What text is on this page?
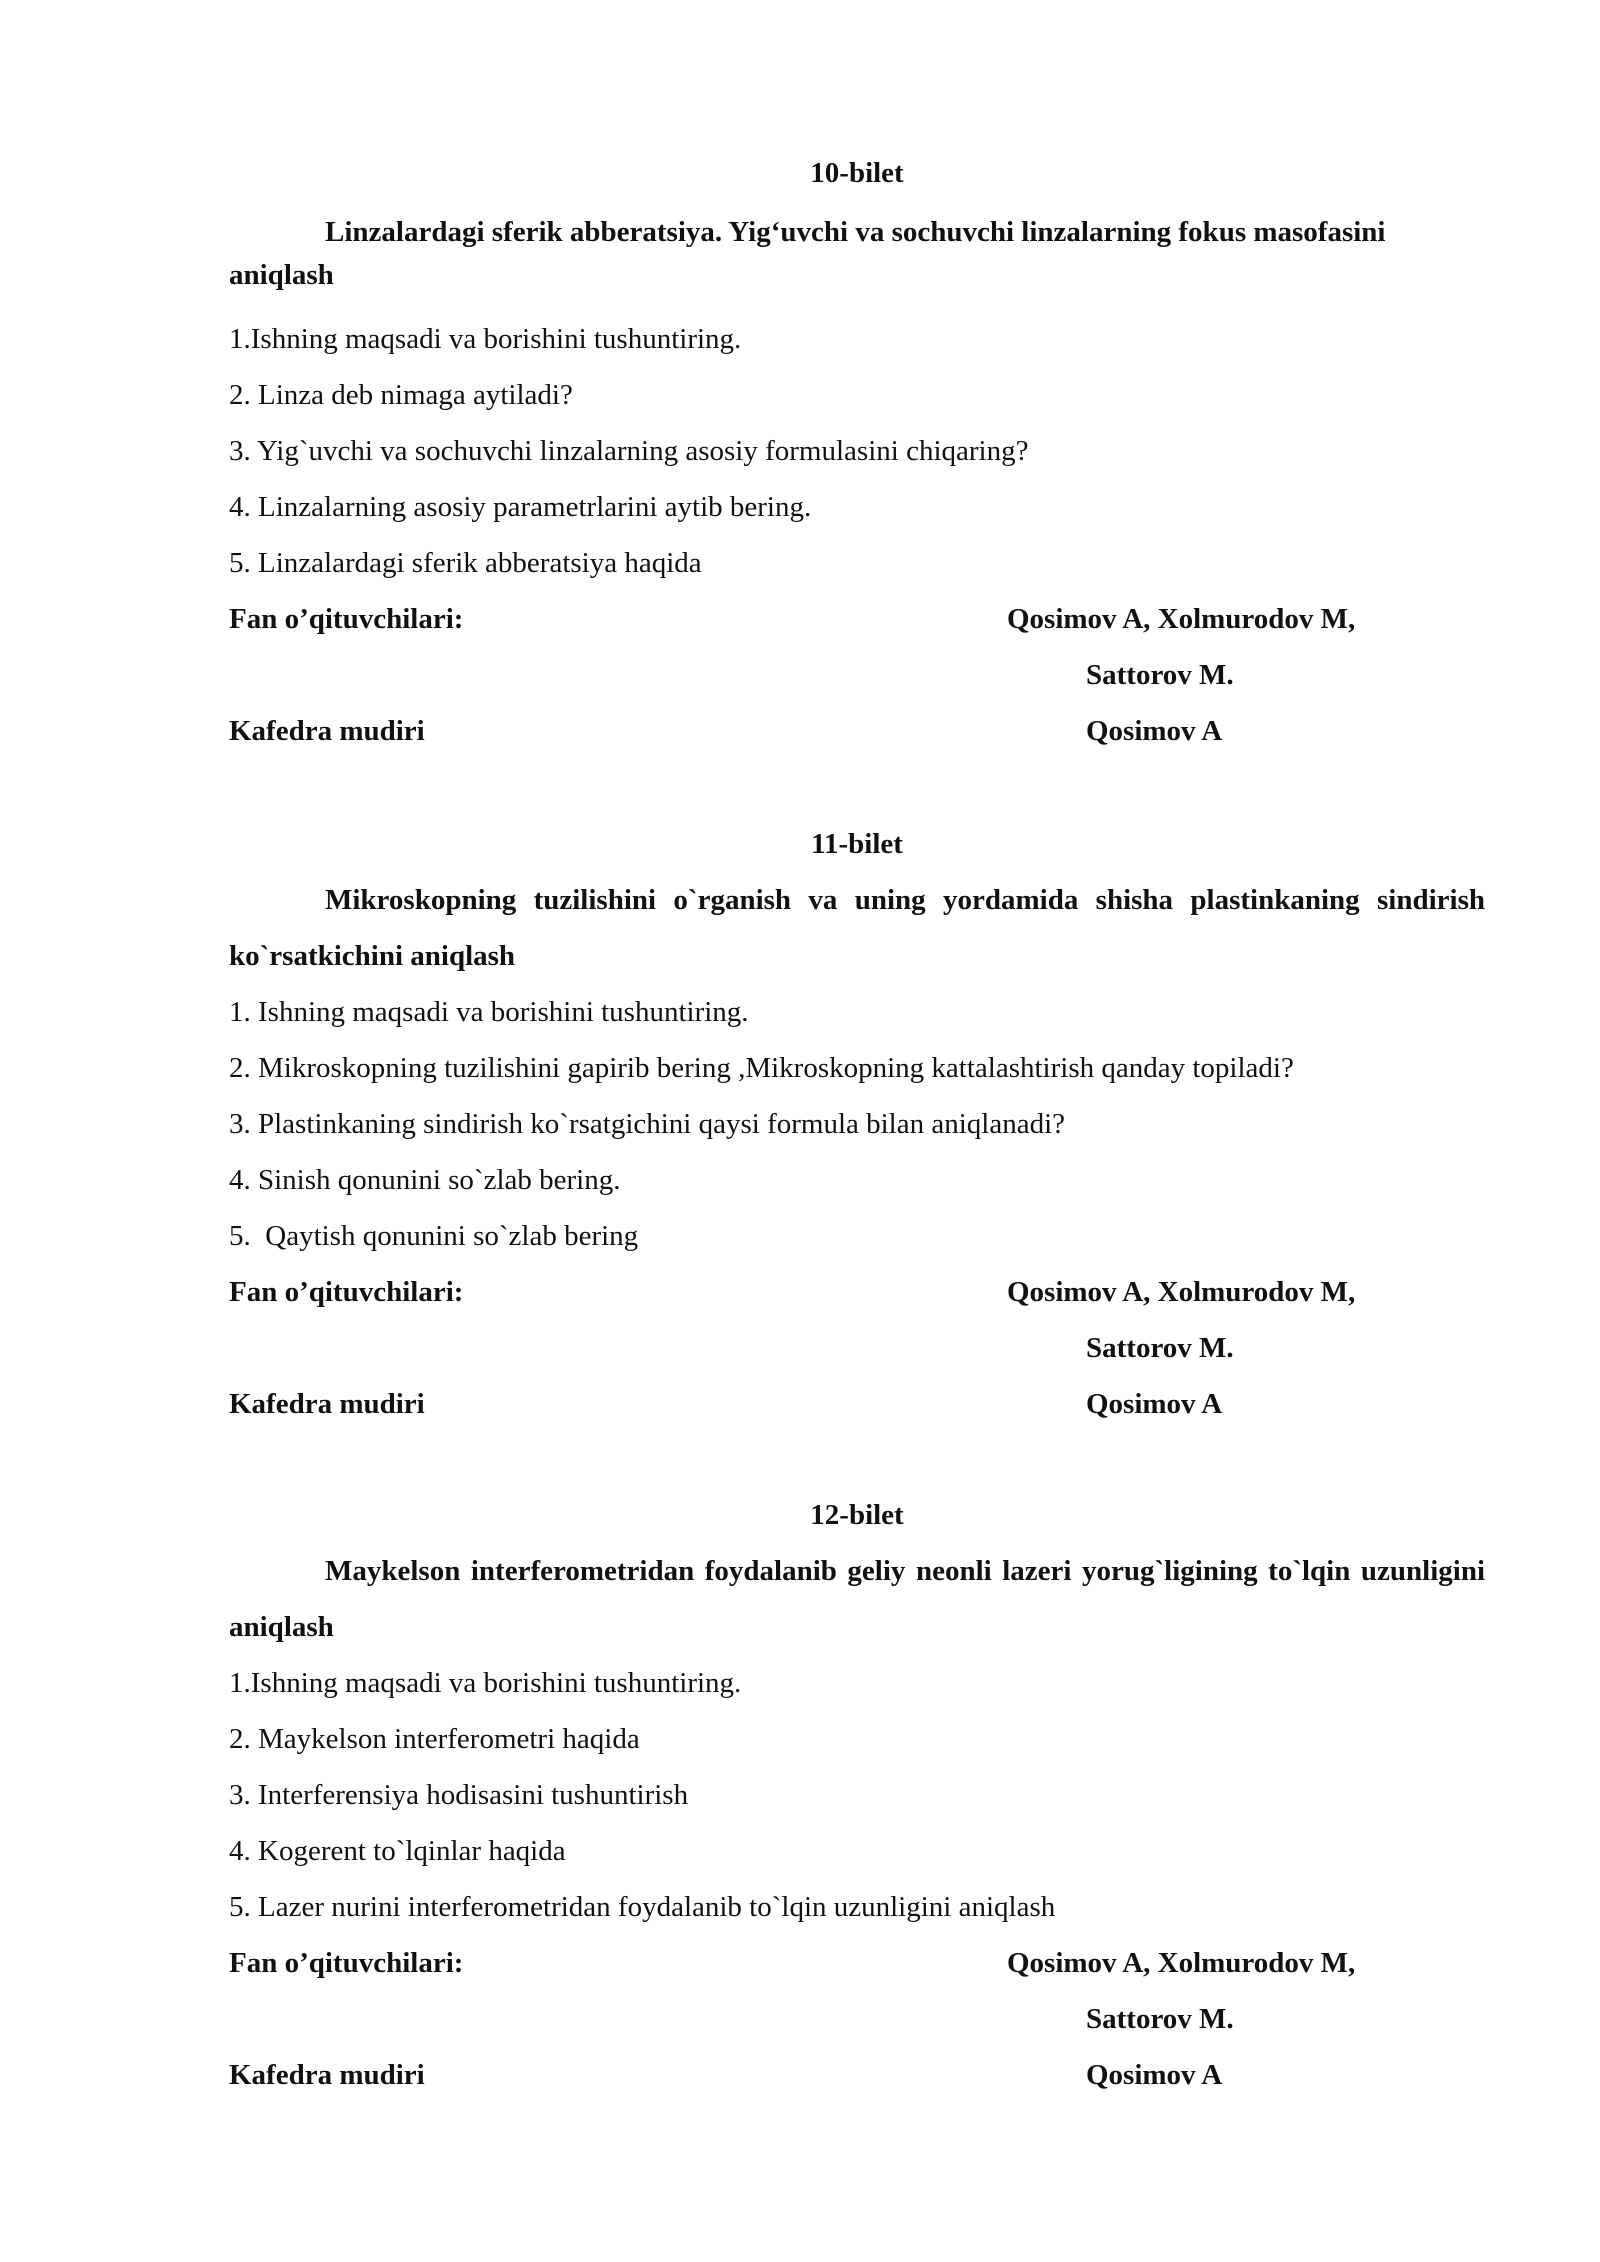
10-bilet
Linzalardagi sferik abberatsiya. Yig‘uvchi va sochuvchi linzalarning fokus masofasini aniqlash
1.Ishning maqsadi va borishini tushuntiring.
2. Linza deb nimaga aytiladi?
3. Yig`uvchi va sochuvchi linzalarning asosiy formulasini chiqaring?
4. Linzalarning asosiy parametrlarini aytib bering.
5. Linzalardagi sferik abberatsiya haqida
Fan o’qituvchilari:	Qosimov A, Xolmurodov M,
Sattorov M.
Kafedra mudiri	Qosimov A
11-bilet
Mikroskopning tuzilishini o`rganish va uning yordamida shisha plastinkaning sindirish ko`rsatkichini aniqlash
1. Ishning maqsadi va borishini tushuntiring.
2. Mikroskopning tuzilishini gapirib bering ,Mikroskopning kattalashtirish qanday topiladi?
3. Plastinkaning sindirish ko`rsatgichini qaysi formula bilan aniqlanadi?
4. Sinish qonunini so`zlab bering.
5.  Qaytish qonunini so`zlab bering
Fan o’qituvchilari:	Qosimov A, Xolmurodov M,
Sattorov M.
Kafedra mudiri	Qosimov A
12-bilet
Maykelson interferometridan foydalanib geliy neonli lazeri yorug`ligining to`lqin uzunligini aniqlash
1.Ishning maqsadi va borishini tushuntiring.
2. Maykelson interferometri haqida
3. Interferensiya hodisasini tushuntirish
4. Kogerent to`lqinlar haqida
5. Lazer nurini interferometridan foydalanib to`lqin uzunligini aniqlash
Fan o’qituvchilari:	Qosimov A, Xolmurodov M,
Sattorov M.
Kafedra mudiri	Qosimov A
